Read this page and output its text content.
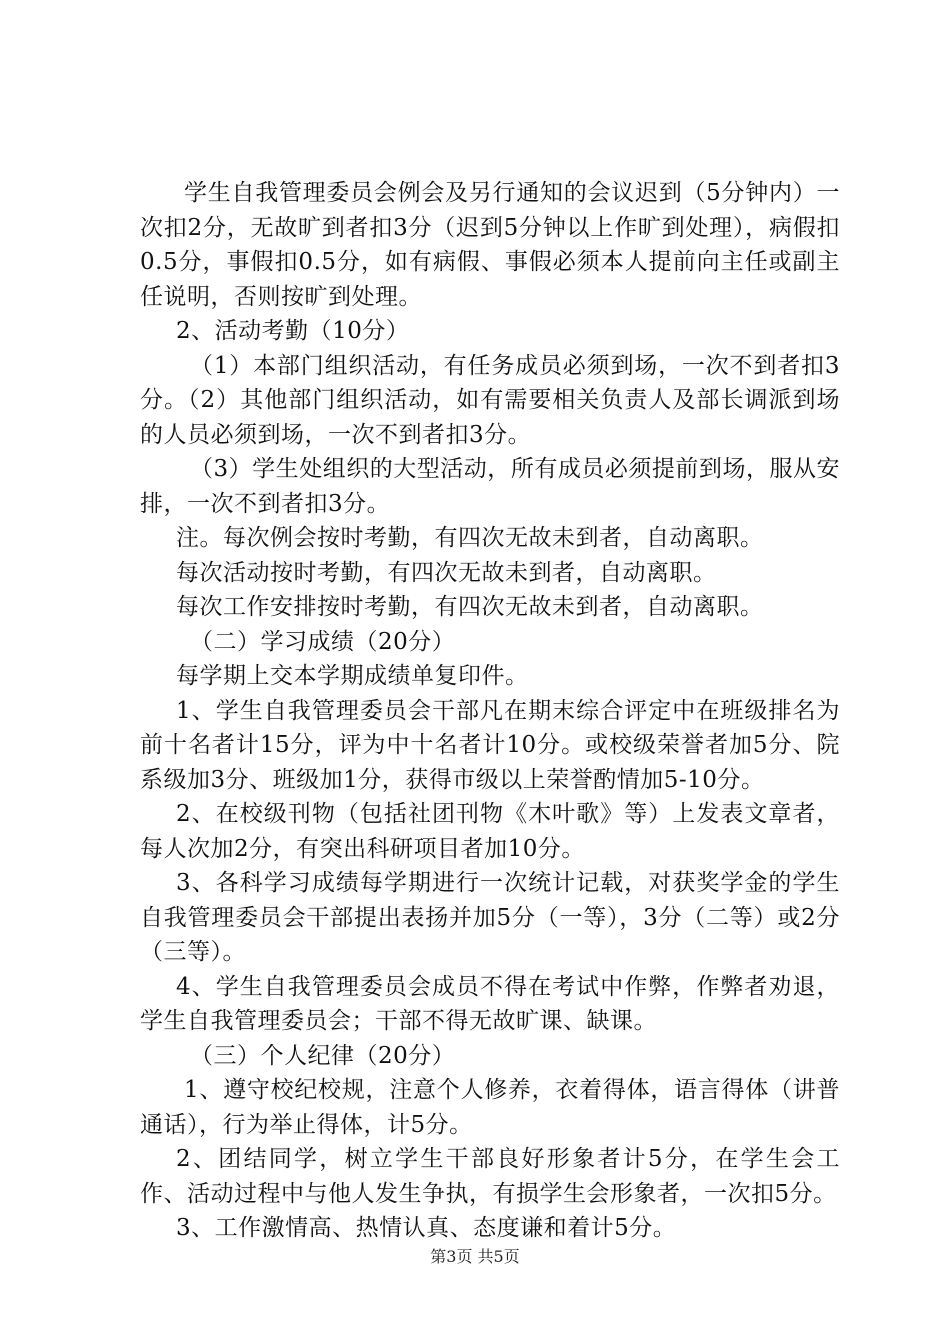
学生自我管理委员会例会及另行通知的会议迟到（5分钟内）一次扣2分，无故旷到者扣3分（迟到5分钟以上作旷到处理），病假扣0.5分，事假扣0.5分，如有病假、事假必须本人提前向主任或副主任说明，否则按旷到处理。

2、活动考勤（10分）

（1）本部门组织活动，有任务成员必须到场，一次不到者扣3分。（2）其他部门组织活动，如有需要相关负责人及部长调派到场的人员必须到场，一次不到者扣3分。

（3）学生处组织的大型活动，所有成员必须提前到场，服从安排，一次不到者扣3分。

注。每次例会按时考勤，有四次无故未到者，自动离职。

每次活动按时考勤，有四次无故未到者，自动离职。

每次工作安排按时考勤，有四次无故未到者，自动离职。

（二）学习成绩（20分）

每学期上交本学期成绩单复印件。

1、学生自我管理委员会干部凡在期末综合评定中在班级排名为前十名者计15分，评为中十名者计10分。或校级荣誉者加5分、院系级加3分、班级加1分，获得市级以上荣誉酌情加5-10分。

2、在校级刊物（包括社团刊物《木叶歌》等）上发表文章者，每人次加2分，有突出科研项目者加10分。

3、各科学习成绩每学期进行一次统计记载，对获奖学金的学生自我管理委员会干部提出表扬并加5分（一等），3分（二等）或2分（三等）。

4、学生自我管理委员会成员不得在考试中作弊，作弊者劝退，学生自我管理委员会；干部不得无故旷课、缺课。

（三）个人纪律（20分）

1、遵守校纪校规，注意个人修养，衣着得体，语言得体（讲普通话），行为举止得体，计5分。

2、团结同学，树立学生干部良好形象者计5分，在学生会工作、活动过程中与他人发生争执，有损学生会形象者，一次扣5分。

3、工作激情高、热情认真、态度谦和着计5分。

第3页 共5页
